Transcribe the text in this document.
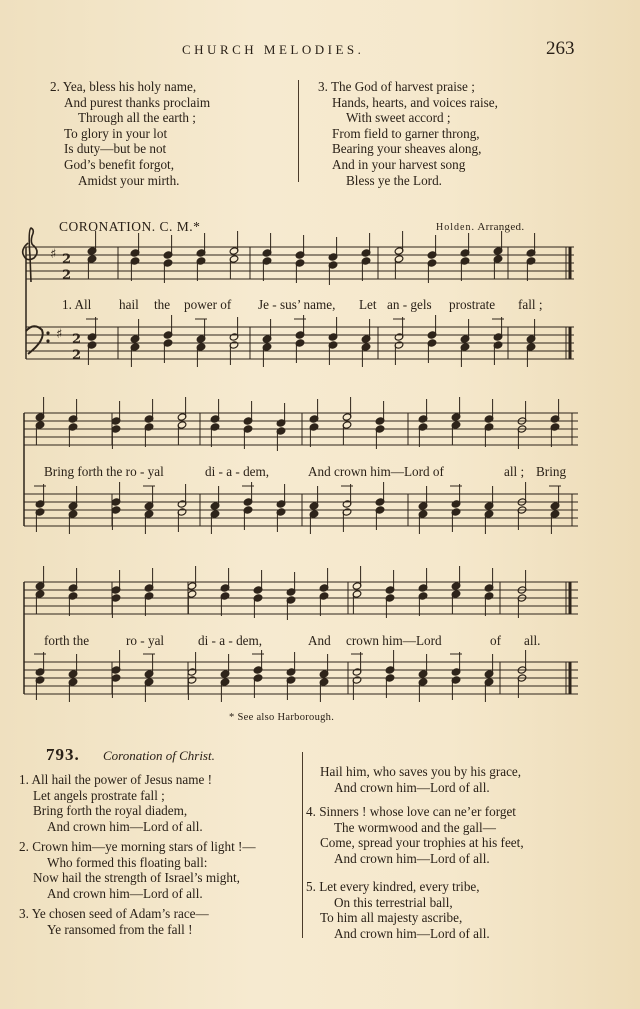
CHURCH MELODIES.	263
2. Yea, bless his holy name,
And purest thanks proclaim
Through all the earth ;
To glory in your lot
Is duty—but be not
God’s benefit forgot,
Amidst your mirth.
3. The God of harvest praise ;
Hands, hearts, and voices raise,
With sweet accord ;
From field to garner throng,
Bearing your sheaves along,
And in your harvest song
Bless ye the Lord.
CORONATION. C. M.*	Holden. Arranged.
♯
♯
2
2
2
2
1. All hail the power of Je - sus’ name, Let an - gels prostrate fall ;
Bring forth the ro - yal	di - a - dem,	And crown him—Lord of	all ; Bring
forth the	ro - yal	di - a - dem,	And crown him—Lord	of all.
* See also Harborough.
793. Coronation of Christ.
1. All hail the power of Jesus name !
Let angels prostrate fall ;
Bring forth the royal diadem,
And crown him—Lord of all.
2. Crown him—ye morning stars of light !—
Who formed this floating ball:
Now hail the strength of Israel’s might,
And crown him—Lord of all.
3. Ye chosen seed of Adam’s race—
Ye ransomed from the fall !
Hail him, who saves you by his grace,
And crown him—Lord of all.
4. Sinners ! whose love can ne’er forget
The wormwood and the gall—
Come, spread your trophies at his feet,
And crown him—Lord of all.
5. Let every kindred, every tribe,
On this terrestrial ball,
To him all majesty ascribe,
And crown him—Lord of all.
